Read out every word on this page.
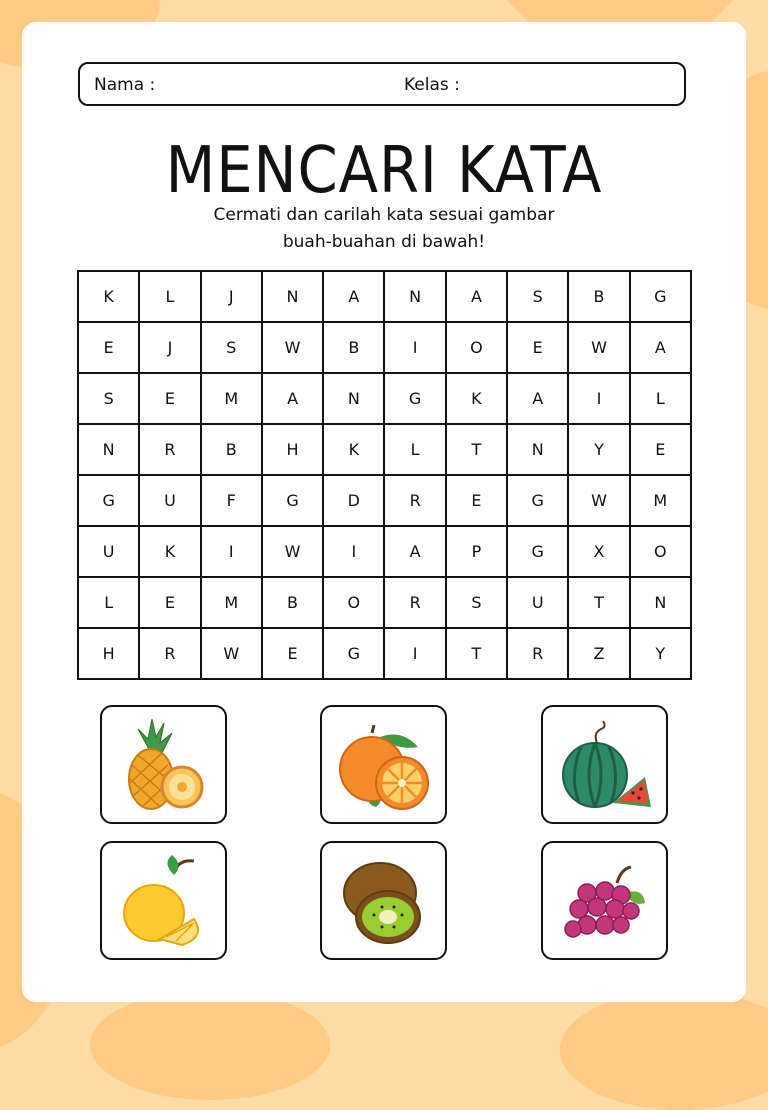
Nama :	Kelas :
MENCARI KATA
Cermati dan carilah kata sesuai gambar
buah-buahan di bawah!
K	L	J	N	A	N	A	S	B	G
E	J	S	W	B	I	O	E	W	A
S	E	M	A	N	G	K	A	I	L
N	R	B	H	K	L	T	N	Y	E
G	U	F	G	D	R	E	G	W	M
U	K	I	W	I	A	P	G	X	O
L	E	M	B	O	R	S	U	T	N
H	R	W	E	G	I	T	R	Z	Y
